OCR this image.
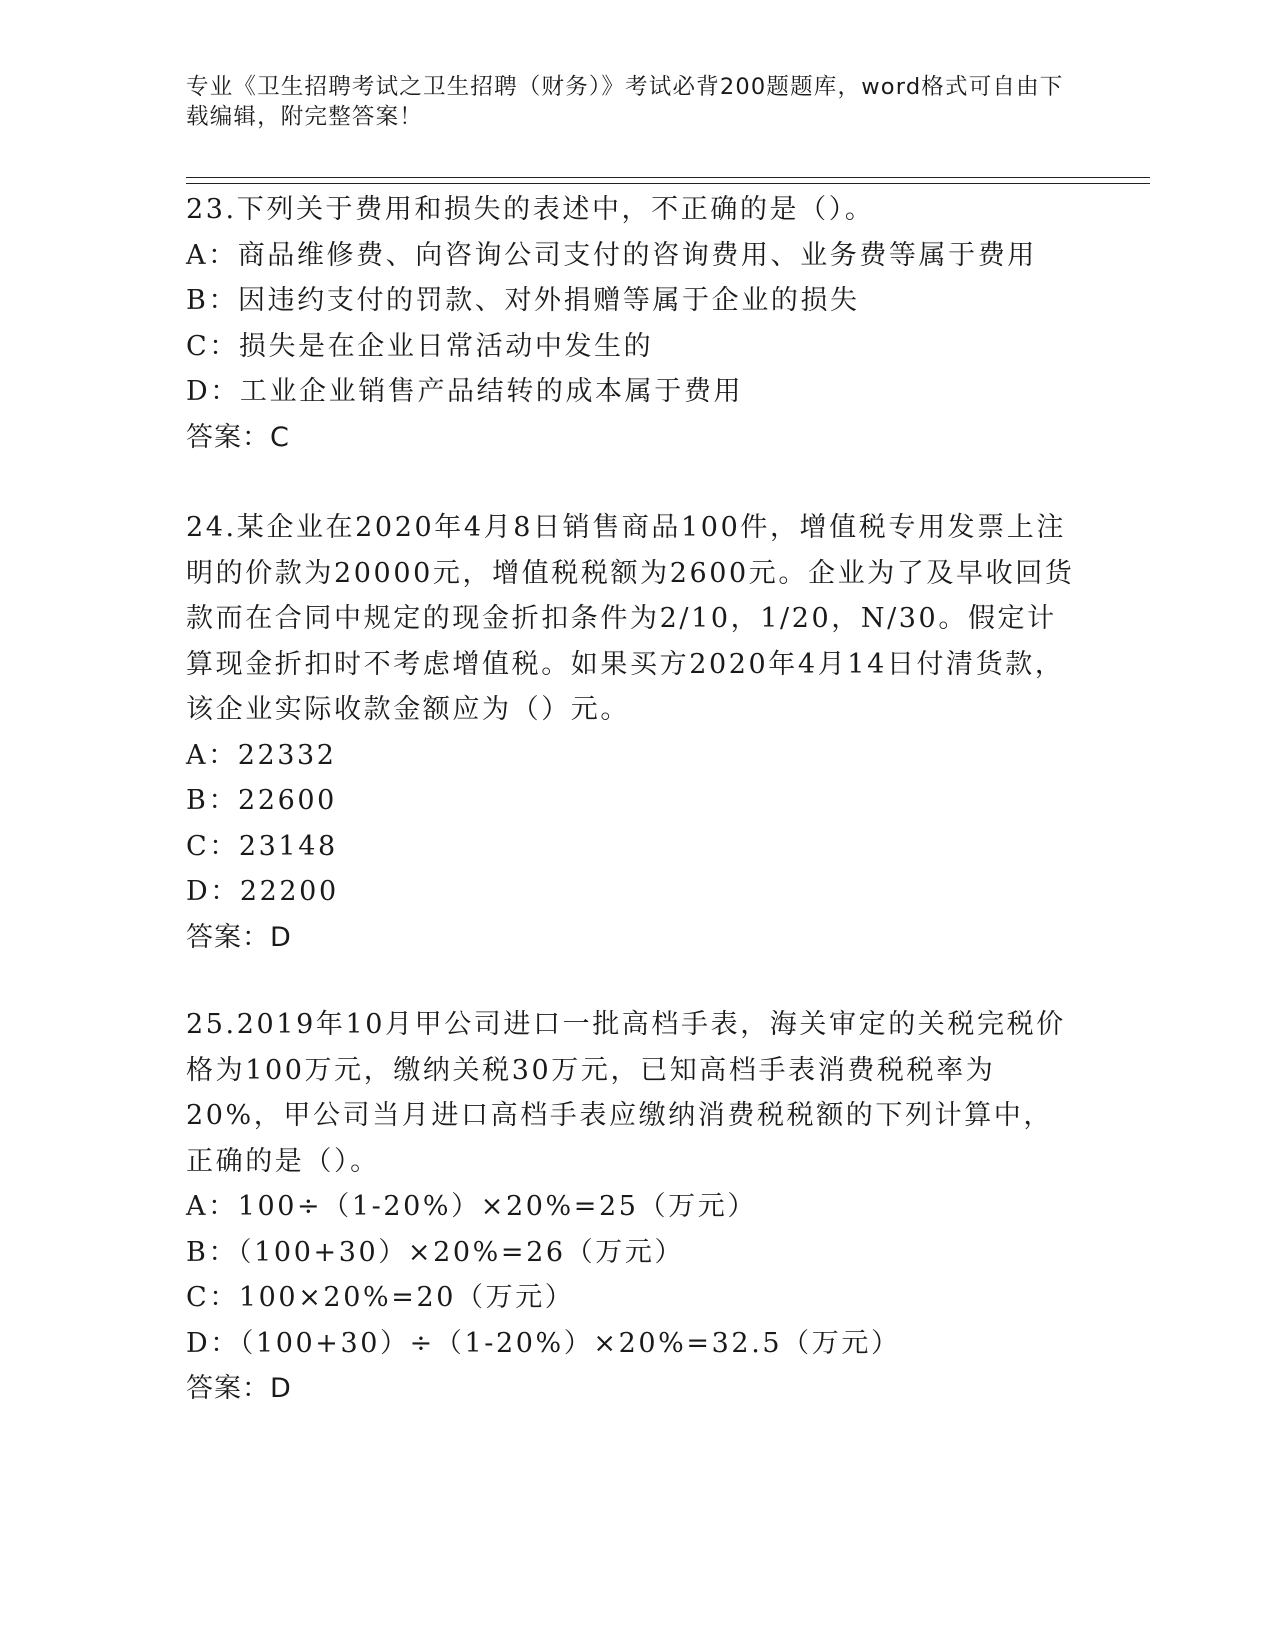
专业《卫生招聘考试之卫生招聘（财务）》考试必背200题题库，word格式可自由下载编辑，附完整答案！

23.下列关于费用和损失的表述中，不正确的是（）。

A：商品维修费、向咨询公司支付的咨询费用、业务费等属于费用

B：因违约支付的罚款、对外捐赠等属于企业的损失

C：损失是在企业日常活动中发生的

D：工业企业销售产品结转的成本属于费用

答案：C

24.某企业在2020年4月8日销售商品100件，增值税专用发票上注明的价款为20000元，增值税税额为2600元。企业为了及早收回货款而在合同中规定的现金折扣条件为2/10，1/20，N/30。假定计算现金折扣时不考虑增值税。如果买方2020年4月14日付清货款，该企业实际收款金额应为（）元。

A：22332

B：22600

C：23148

D：22200

答案：D

25.2019年10月甲公司进口一批高档手表，海关审定的关税完税价格为100万元，缴纳关税30万元，已知高档手表消费税税率为20%，甲公司当月进口高档手表应缴纳消费税税额的下列计算中，正确的是（）。

A：100÷（1-20%）×20%=25（万元）

B：（100+30）×20%=26（万元）

C：100×20%=20（万元）

D：（100+30）÷（1-20%）×20%=32.5（万元）

答案：D
